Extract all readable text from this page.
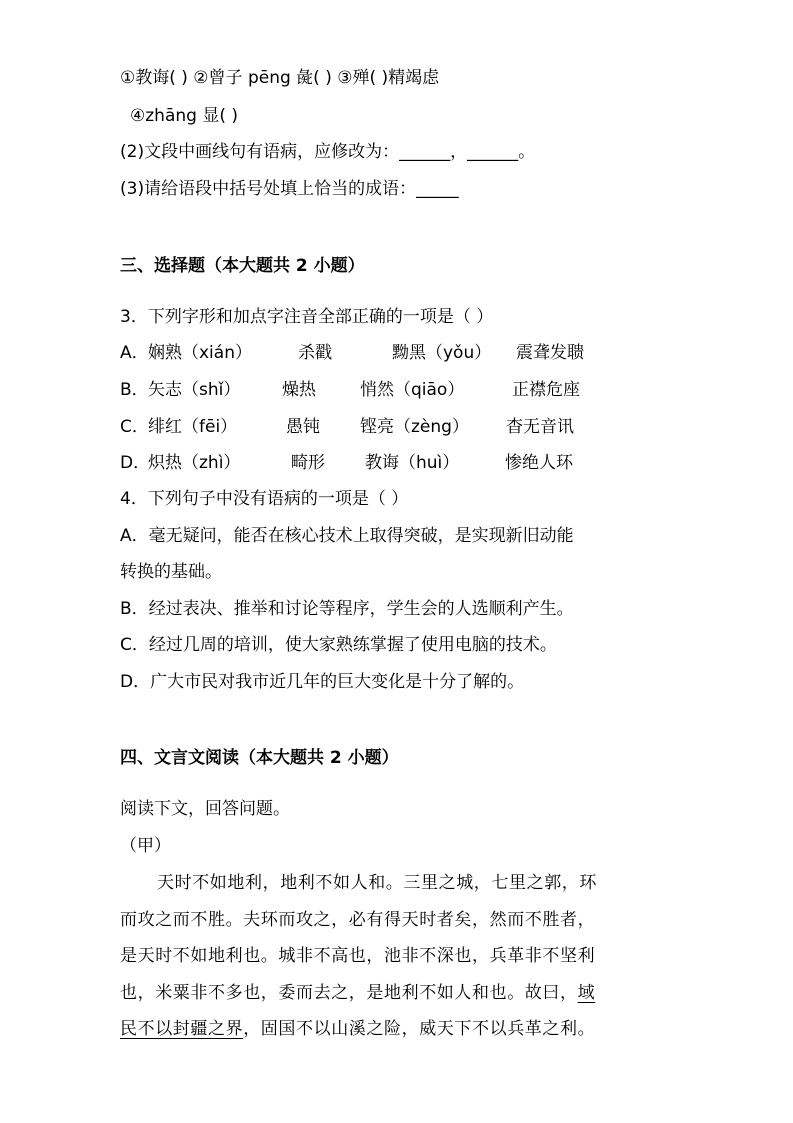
①教诲( ) ②曾子 pēng 彘( ) ③殚( )精竭虑

④zhāng 显( )

(2)文段中画线句有语病，应修改为：______，______。

(3)请给语段中括号处填上恰当的成语：_____

三、选择题（本大题共 2 小题）

3．下列字形和加点字注音全部正确的一项是（ ）

A．娴熟（xián）	杀戳	黝黑（yǒu） 震聋发聩

B．矢志（shǐ） 燥热	悄然（qiāo）	正襟危座

C．绯红（fēi）	愚钝 铿亮（zèng） 杳无音讯

D．炽热（zhì）	畸形 教诲（huì）	惨绝人环

4．下列句子中没有语病的一项是（ ）

A．毫无疑问，能否在核心技术上取得突破，是实现新旧动能

转换的基础。

B．经过表决、推举和讨论等程序，学生会的人选顺利产生。

C．经过几周的培训，使大家熟练掌握了使用电脑的技术。

D．广大市民对我市近几年的巨大变化是十分了解的。

四、文言文阅读（本大题共 2 小题）

阅读下文，回答问题。

（甲）

天时不如地利，地利不如人和。三里之城，七里之郭，环

而攻之而不胜。夫环而攻之，必有得天时者矣，然而不胜者，

是天时不如地利也。城非不高也，池非不深也，兵革非不坚利

也，米粟非不多也，委而去之，是地利不如人和也。故曰，域

民不以封疆之界，固国不以山溪之险，威天下不以兵革之利。
